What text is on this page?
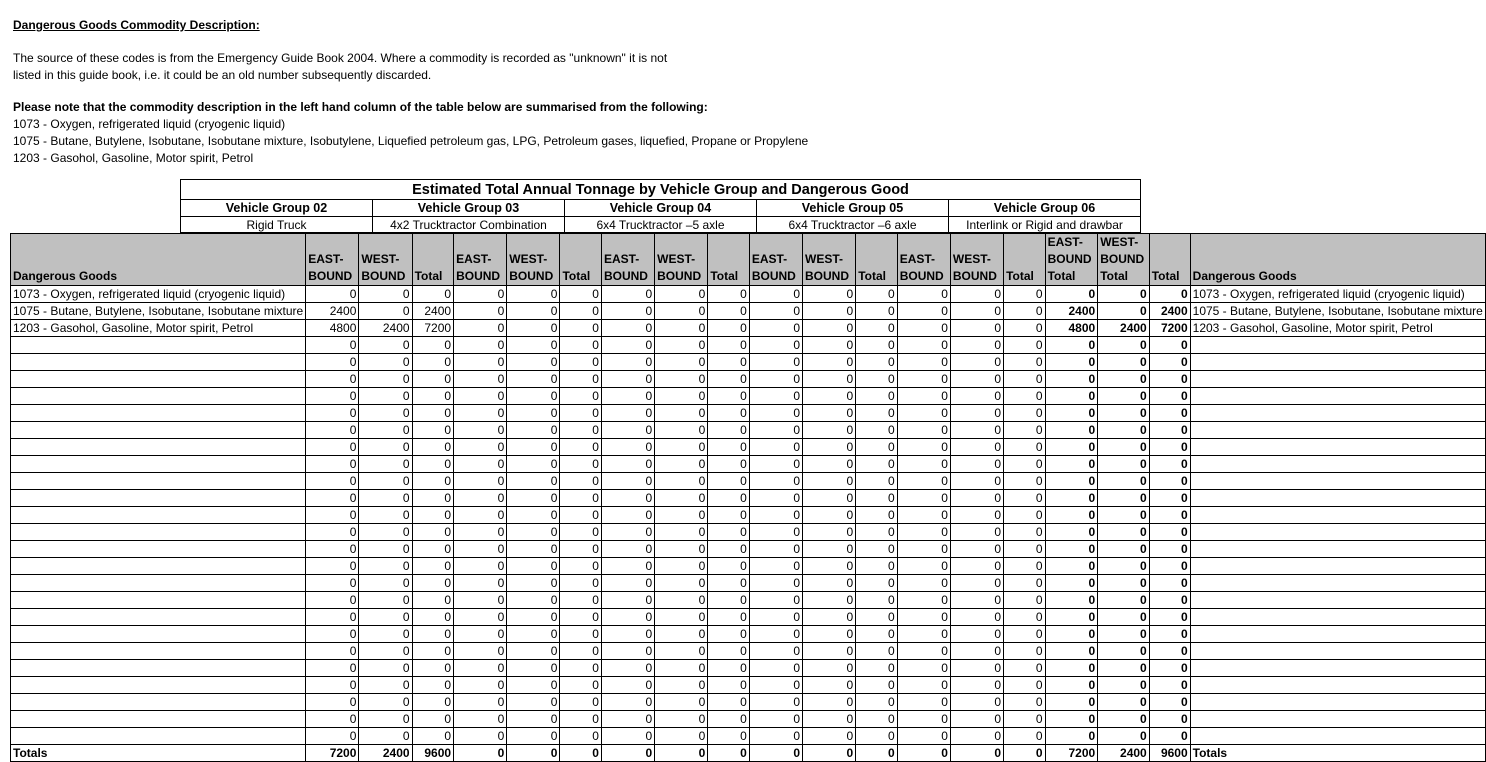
Dangerous Goods Commodity Description:
The source of these codes is from the Emergency Guide Book 2004. Where a commodity is recorded as "unknown" it is not
listed in this guide book, i.e. it could be an old number subsequently discarded.
Please note that the commodity description in the left hand column of the table below are summarised from the following:
1073 - Oxygen, refrigerated liquid (cryogenic liquid)
1075 - Butane, Butylene, Isobutane, Isobutane mixture, Isobutylene, Liquefied petroleum gas, LPG, Petroleum gases, liquefied, Propane or Propylene
1203 - Gasohol, Gasoline, Motor spirit, Petrol
Estimated Total Annual Tonnage by Vehicle Group and Dangerous Good				
Vehicle Group 02	Vehicle Group 03	Vehicle Group 04	Vehicle Group 05	Vehicle Group 06
Rigid Truck	4x2 Trucktractor Combination	6x4 Trucktractor –5 axle	6x4 Trucktractor –6 axle	Interlink or Rigid and drawbar
Dangerous Goods	EAST-BOUND	WEST-BOUND	Total	EAST-BOUND	WEST-BOUND	Total	EAST-BOUND	WEST-BOUND	Total	EAST-BOUND	WEST-BOUND	Total	EAST-BOUND	WEST-BOUND	Total	EAST-BOUND Total	WEST-BOUND Total	Total	Dangerous Goods
1073 - Oxygen, refrigerated liquid (cryogenic liquid)	0	0	0	0	0	0	0	0	0	0	0	0	0	0	0	0	0	0	1073 - Oxygen, refrigerated liquid (cryogenic liquid)
1075 - Butane, Butylene, Isobutane, Isobutane mixture	2400	0	2400	0	0	0	0	0	0	0	0	0	0	0	0	2400	0	2400	1075 - Butane, Butylene, Isobutane, Isobutane mixture
1203 - Gasohol, Gasoline, Motor spirit, Petrol	4800	2400	7200	0	0	0	0	0	0	0	0	0	0	0	0	4800	2400	7200	1203 - Gasohol, Gasoline, Motor spirit, Petrol
	0	0	0	0	0	0	0	0	0	0	0	0	0	0	0	0	0	0	
	0	0	0	0	0	0	0	0	0	0	0	0	0	0	0	0	0	0	
	0	0	0	0	0	0	0	0	0	0	0	0	0	0	0	0	0	0	
	0	0	0	0	0	0	0	0	0	0	0	0	0	0	0	0	0	0	
	0	0	0	0	0	0	0	0	0	0	0	0	0	0	0	0	0	0	
	0	0	0	0	0	0	0	0	0	0	0	0	0	0	0	0	0	0	
	0	0	0	0	0	0	0	0	0	0	0	0	0	0	0	0	0	0	
	0	0	0	0	0	0	0	0	0	0	0	0	0	0	0	0	0	0	
	0	0	0	0	0	0	0	0	0	0	0	0	0	0	0	0	0	0	
	0	0	0	0	0	0	0	0	0	0	0	0	0	0	0	0	0	0	
	0	0	0	0	0	0	0	0	0	0	0	0	0	0	0	0	0	0	
	0	0	0	0	0	0	0	0	0	0	0	0	0	0	0	0	0	0	
	0	0	0	0	0	0	0	0	0	0	0	0	0	0	0	0	0	0	
	0	0	0	0	0	0	0	0	0	0	0	0	0	0	0	0	0	0	
	0	0	0	0	0	0	0	0	0	0	0	0	0	0	0	0	0	0	
	0	0	0	0	0	0	0	0	0	0	0	0	0	0	0	0	0	0	
	0	0	0	0	0	0	0	0	0	0	0	0	0	0	0	0	0	0	
	0	0	0	0	0	0	0	0	0	0	0	0	0	0	0	0	0	0	
	0	0	0	0	0	0	0	0	0	0	0	0	0	0	0	0	0	0	
	0	0	0	0	0	0	0	0	0	0	0	0	0	0	0	0	0	0	
	0	0	0	0	0	0	0	0	0	0	0	0	0	0	0	0	0	0	
	0	0	0	0	0	0	0	0	0	0	0	0	0	0	0	0	0	0	
	0	0	0	0	0	0	0	0	0	0	0	0	0	0	0	0	0	0	
	0	0	0	0	0	0	0	0	0	0	0	0	0	0	0	0	0	0	
Totals	7200	2400	9600	0	0	0	0	0	0	0	0	0	0	0	0	7200	2400	9600	Totals
